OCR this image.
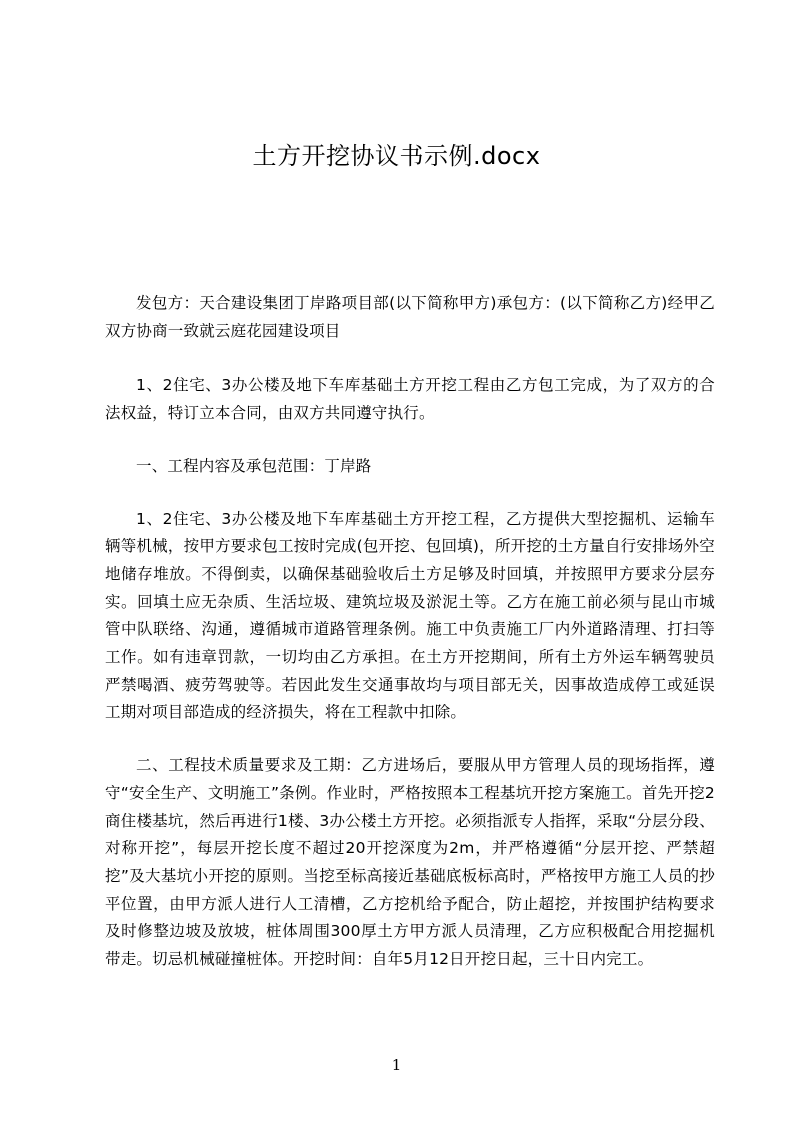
土方开挖协议书示例.docx

发包方：天合建设集团丁岸路项目部(以下简称甲方)承包方：(以下简称乙方)经甲乙双方协商一致就云庭花园建设项目

1、2住宅、3办公楼及地下车库基础土方开挖工程由乙方包工完成，为了双方的合法权益，特订立本合同，由双方共同遵守执行。

一、工程内容及承包范围：丁岸路

1、2住宅、3办公楼及地下车库基础土方开挖工程，乙方提供大型挖掘机、运输车辆等机械，按甲方要求包工按时完成(包开挖、包回填)，所开挖的土方量自行安排场外空地储存堆放。不得倒卖，以确保基础验收后土方足够及时回填，并按照甲方要求分层夯实。回填土应无杂质、生活垃圾、建筑垃圾及淤泥土等。乙方在施工前必须与昆山市城管中队联络、沟通，遵循城市道路管理条例。施工中负责施工厂内外道路清理、打扫等工作。如有违章罚款，一切均由乙方承担。在土方开挖期间，所有土方外运车辆驾驶员严禁喝酒、疲劳驾驶等。若因此发生交通事故均与项目部无关，因事故造成停工或延误工期对项目部造成的经济损失，将在工程款中扣除。

二、工程技术质量要求及工期：乙方进场后，要服从甲方管理人员的现场指挥，遵守“安全生产、文明施工”条例。作业时，严格按照本工程基坑开挖方案施工。首先开挖2商住楼基坑，然后再进行1楼、3办公楼土方开挖。必须指派专人指挥，采取“分层分段、对称开挖”，每层开挖长度不超过20开挖深度为2m，并严格遵循“分层开挖、严禁超挖”及大基坑小开挖的原则。当挖至标高接近基础底板标高时，严格按甲方施工人员的抄平位置，由甲方派人进行人工清槽，乙方挖机给予配合，防止超挖，并按围护结构要求及时修整边坡及放坡，桩体周围300厚土方甲方派人员清理，乙方应积极配合用挖掘机带走。切忌机械碰撞桩体。开挖时间：自年5月12日开挖日起，三十日内完工。

1
